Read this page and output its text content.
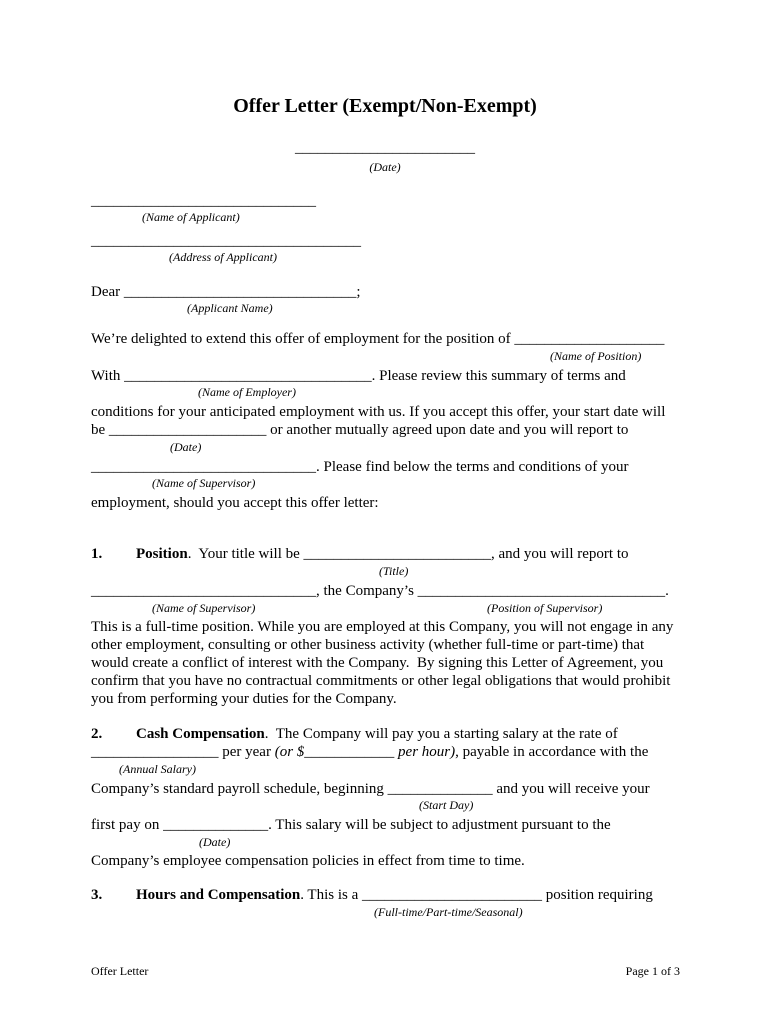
Offer Letter (Exempt/Non-Exempt)
________________________
(Date)
______________________________
(Name of Applicant)
____________________________________
(Address of Applicant)
Dear _______________________________;
(Applicant Name)
We’re delighted to extend this offer of employment for the position of ____________________
(Name of Position)
With _________________________________. Please review this summary of terms and
(Name of Employer)
conditions for your anticipated employment with us. If you accept this offer, your start date will
be _____________________ or another mutually agreed upon date and you will report to
(Date)
______________________________. Please find below the terms and conditions of your
(Name of Supervisor)
employment, should you accept this offer letter:
1. Position.  Your title will be _________________________, and you will report to
(Title)
______________________________, the Company’s _________________________________.
(Name of Supervisor)	(Position of Supervisor)
This is a full-time position. While you are employed at this Company, you will not engage in any
other employment, consulting or other business activity (whether full-time or part-time) that
would create a conflict of interest with the Company.  By signing this Letter of Agreement, you
confirm that you have no contractual commitments or other legal obligations that would prohibit
you from performing your duties for the Company.
2. Cash Compensation.  The Company will pay you a starting salary at the rate of
_________________ per year (or $____________ per hour), payable in accordance with the
(Annual Salary)
Company’s standard payroll schedule, beginning ______________ and you will receive your
(Start Day)
first pay on ______________. This salary will be subject to adjustment pursuant to the
(Date)
Company’s employee compensation policies in effect from time to time.
3. Hours and Compensation. This is a ________________________ position requiring
(Full-time/Part-time/Seasonal)
Offer Letter	Page 1 of 3
